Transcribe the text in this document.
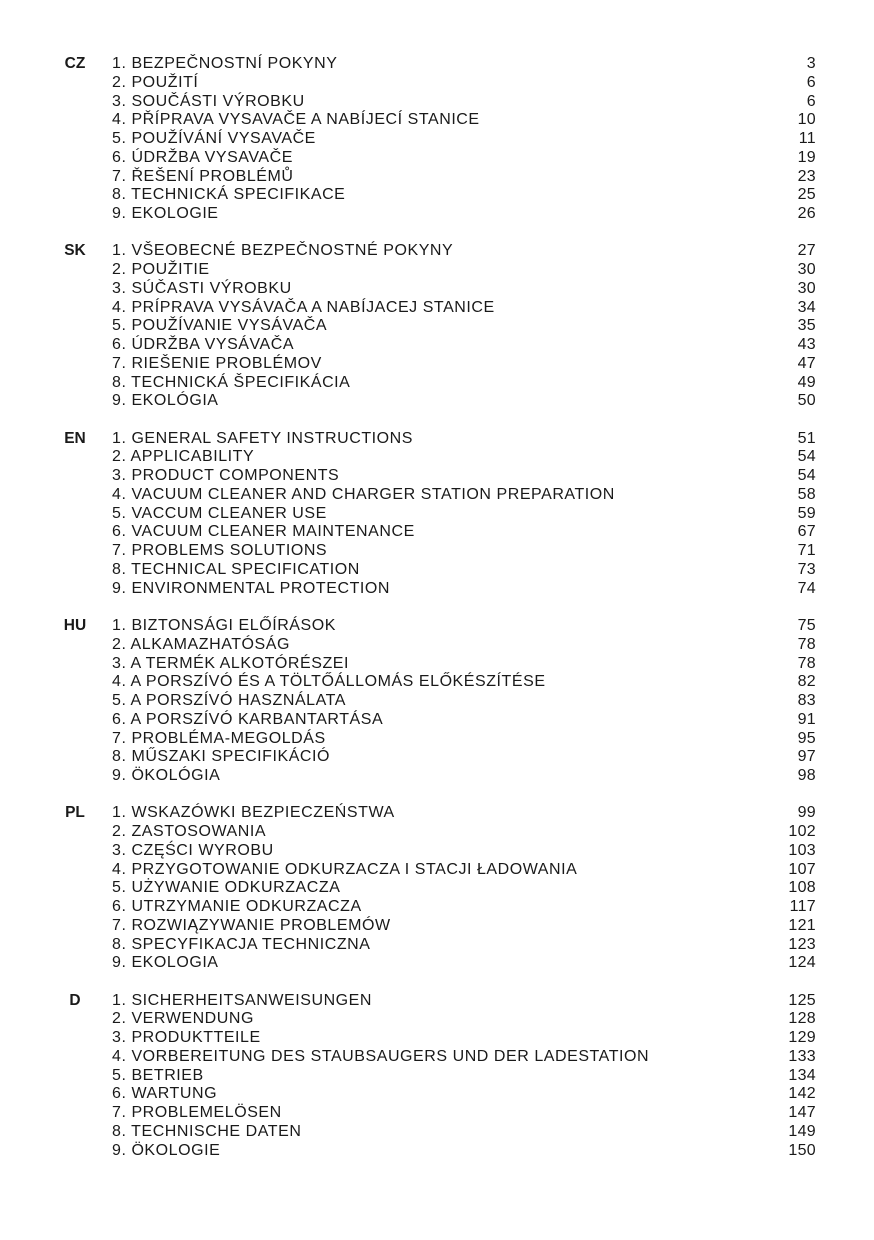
CZ 1. BEZPEČNOSTNÍ POKYNY	3
2. POUŽITÍ	6
3. SOUČÁSTI VÝROBKU	6
4. PŘÍPRAVA VYSAVAČE A NABÍJECÍ STANICE	10
5. POUŽÍVÁNÍ VYSAVAČE	11
6. ÚDRŽBA VYSAVAČE	19
7. ŘEŠENÍ PROBLÉMŮ	23
8. TECHNICKÁ SPECIFIKACE	25
9. EKOLOGIE	26
SK 1. VŠEOBECNÉ BEZPEČNOSTNÉ POKYNY	27
2. POUŽITIE	30
3. SÚČASTI VÝROBKU	30
4. PRÍPRAVA VYSÁVAČA A NABÍJACEJ STANICE	34
5. POUŽÍVANIE VYSÁVAČA	35
6. ÚDRŽBA VYSÁVAČA	43
7. RIEŠENIE PROBLÉMOV	47
8. TECHNICKÁ ŠPECIFIKÁCIA	49
9. EKOLÓGIA	50
EN 1. GENERAL SAFETY INSTRUCTIONS	51
2. APPLICABILITY	54
3. PRODUCT COMPONENTS	54
4. VACUUM CLEANER AND CHARGER STATION PREPARATION	58
5. VACCUM CLEANER USE	59
6. VACUUM CLEANER MAINTENANCE	67
7. PROBLEMS SOLUTIONS	71
8. TECHNICAL SPECIFICATION	73
9. ENVIRONMENTAL PROTECTION	74
HU 1. BIZTONSÁGI ELŐÍRÁSOK	75
2. ALKAMAZHATÓSÁG	78
3. A TERMÉK ALKOTÓRÉSZEI	78
4. A PORSZÍVÓ ÉS A TÖLTŐÁLLOMÁS ELŐKÉSZÍTÉSE	82
5. A PORSZÍVÓ HASZNÁLATA	83
6. A PORSZÍVÓ KARBANTARTÁSA	91
7. PROBLÉMA-MEGOLDÁS	95
8. MŰSZAKI SPECIFIKÁCIÓ	97
9. ÖKOLÓGIA	98
PL	1. WSKAZÓWKI BEZPIECZEŃSTWA	99
2. ZASTOSOWANIA	102
3. CZĘŚCI WYROBU	103
4. PRZYGOTOWANIE ODKURZACZA I STACJI ŁADOWANIA	107
5. UŻYWANIE ODKURZACZA	108
6. UTRZYMANIE ODKURZACZA	117
7. ROZWIĄZYWANIE PROBLEMÓW	121
8. SPECYFIKACJA TECHNICZNA	123
9. EKOLOGIA	124
D	1. SICHERHEITSANWEISUNGEN	125
2. VERWENDUNG	128
3. PRODUKTTEILE	129
4. VORBEREITUNG DES STAUBSAUGERS UND DER LADESTATION	133
5. BETRIEB	134
6. WARTUNG	142
7. PROBLEMELÖSEN	147
8. TECHNISCHE DATEN	149
9. ÖKOLOGIE	150
